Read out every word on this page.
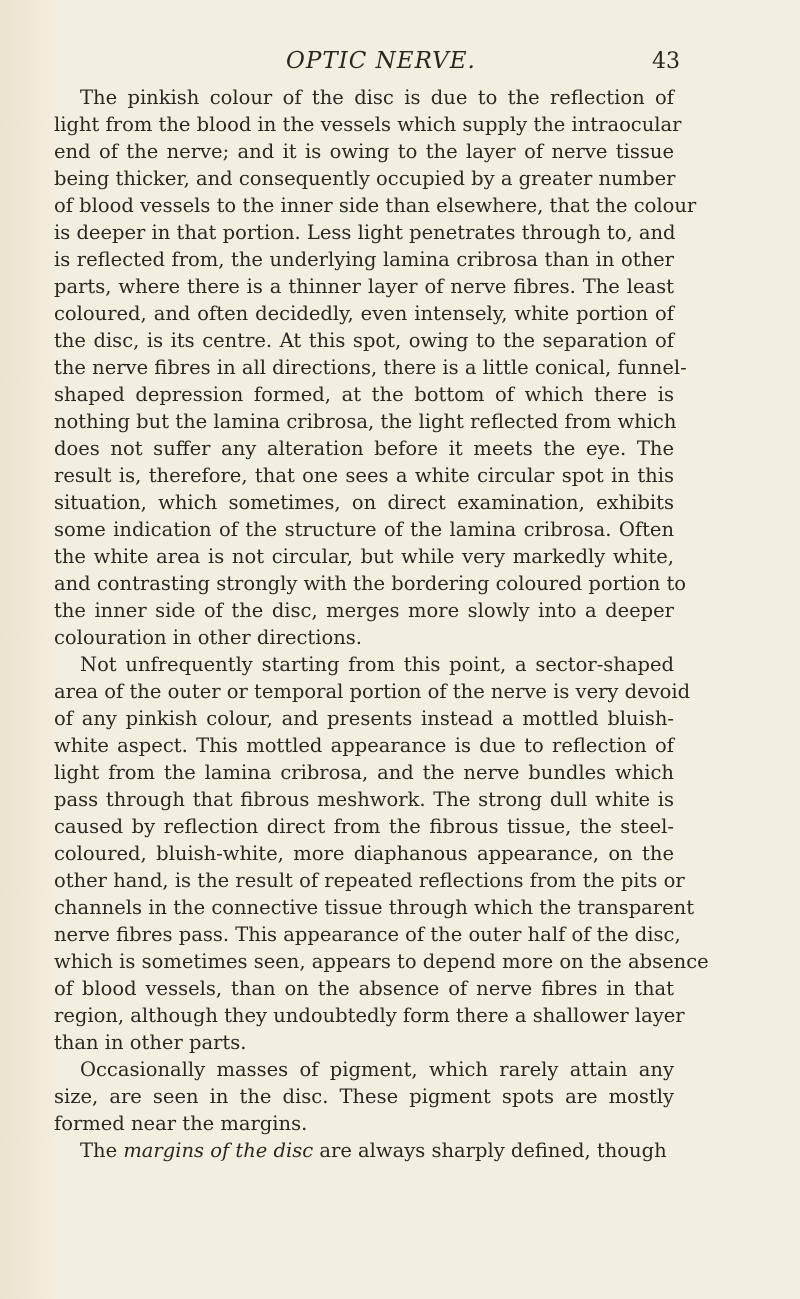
OPTIC NERVE.	43
The pinkish colour of the disc is due to the reflection of
light from the blood in the vessels which supply the intraocular
end of the nerve; and it is owing to the layer of nerve tissue
being thicker, and consequently occupied by a greater number
of blood vessels to the inner side than elsewhere, that the colour
is deeper in that portion. Less light penetrates through to, and
is reflected from, the underlying lamina cribrosa than in other
parts, where there is a thinner layer of nerve fibres. The least
coloured, and often decidedly, even intensely, white portion of
the disc, is its centre. At this spot, owing to the separation of
the nerve fibres in all directions, there is a little conical, funnel-
shaped depression formed, at the bottom of which there is
nothing but the lamina cribrosa, the light reflected from which
does not suffer any alteration before it meets the eye. The
result is, therefore, that one sees a white circular spot in this
situation, which sometimes, on direct examination, exhibits
some indication of the structure of the lamina cribrosa. Often
the white area is not circular, but while very markedly white,
and contrasting strongly with the bordering coloured portion to
the inner side of the disc, merges more slowly into a deeper
colouration in other directions.
Not unfrequently starting from this point, a sector-shaped
area of the outer or temporal portion of the nerve is very devoid
of any pinkish colour, and presents instead a mottled bluish-
white aspect. This mottled appearance is due to reflection of
light from the lamina cribrosa, and the nerve bundles which
pass through that fibrous meshwork. The strong dull white is
caused by reflection direct from the fibrous tissue, the steel-
coloured, bluish-white, more diaphanous appearance, on the
other hand, is the result of repeated reflections from the pits or
channels in the connective tissue through which the transparent
nerve fibres pass. This appearance of the outer half of the disc,
which is sometimes seen, appears to depend more on the absence
of blood vessels, than on the absence of nerve fibres in that
region, although they undoubtedly form there a shallower layer
than in other parts.
Occasionally masses of pigment, which rarely attain any
size, are seen in the disc. These pigment spots are mostly
formed near the margins.
The margins of the disc are always sharply defined, though
